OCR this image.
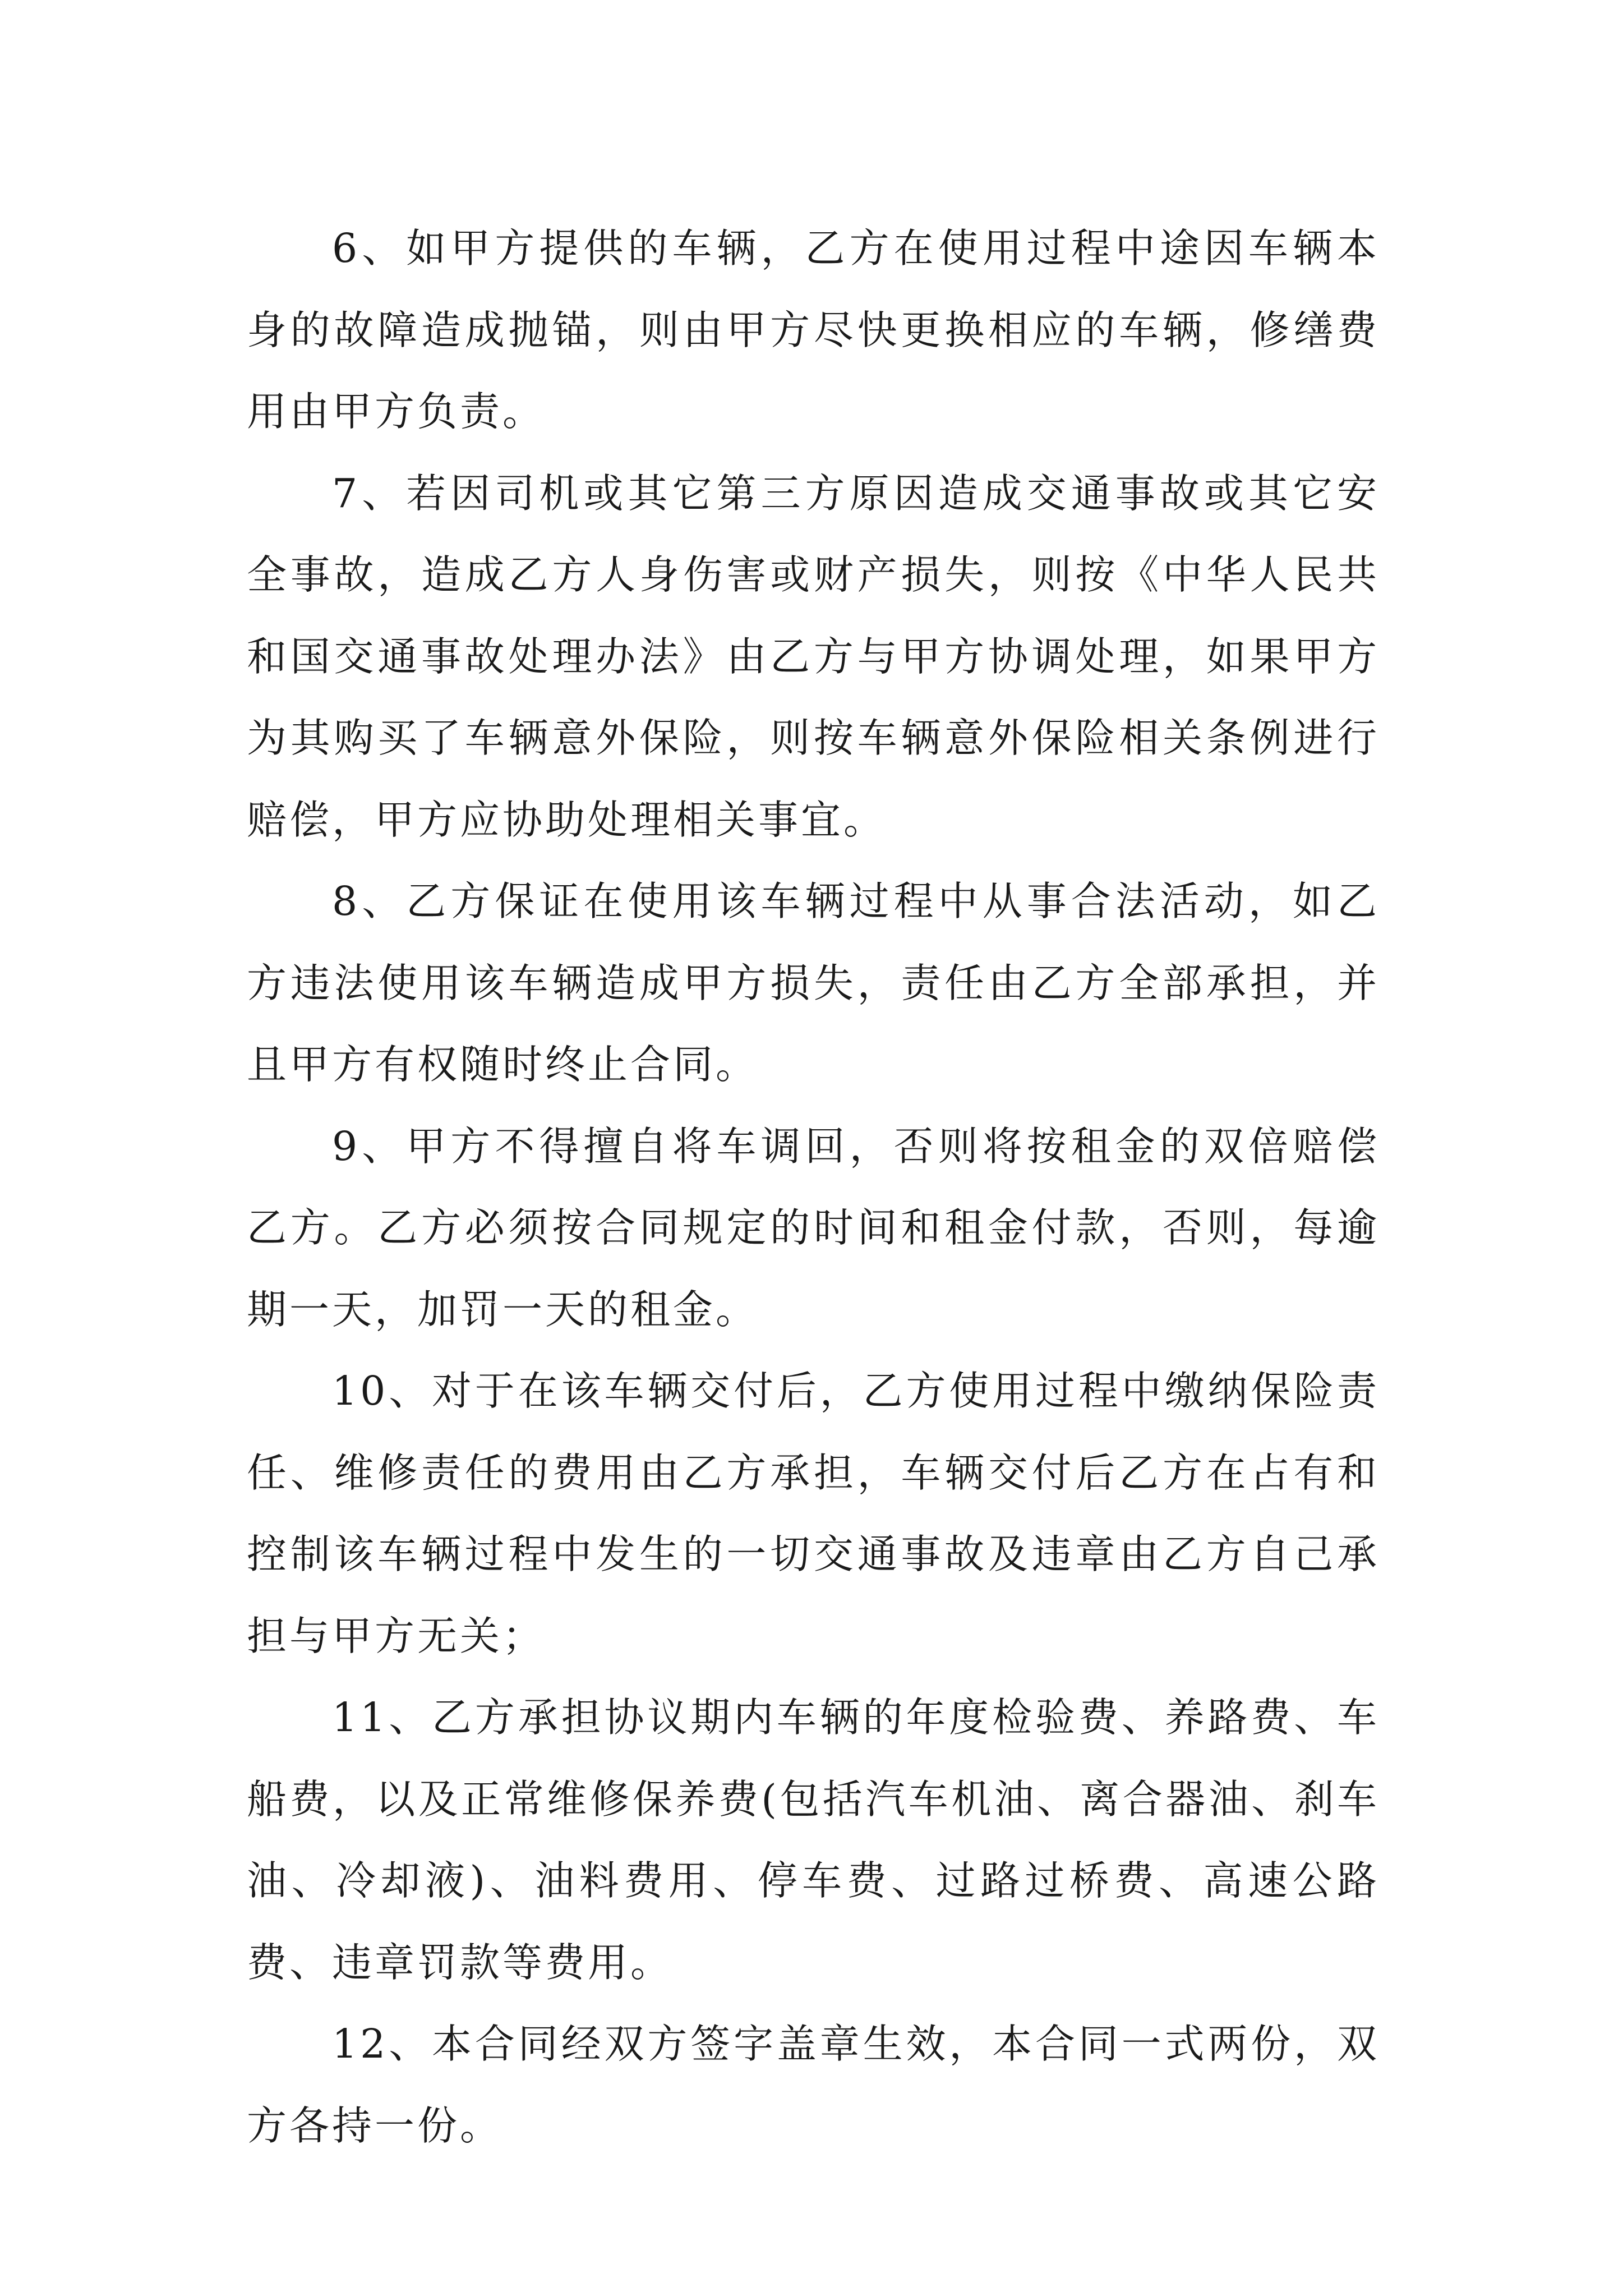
6、如甲方提供的车辆，乙方在使用过程中途因车辆本身的故障造成抛锚，则由甲方尽快更换相应的车辆，修缮费用由甲方负责。

7、若因司机或其它第三方原因造成交通事故或其它安全事故，造成乙方人身伤害或财产损失，则按《中华人民共和国交通事故处理办法》由乙方与甲方协调处理，如果甲方为其购买了车辆意外保险，则按车辆意外保险相关条例进行赔偿，甲方应协助处理相关事宜。

8、乙方保证在使用该车辆过程中从事合法活动，如乙方违法使用该车辆造成甲方损失，责任由乙方全部承担，并且甲方有权随时终止合同。

9、甲方不得擅自将车调回，否则将按租金的双倍赔偿乙方。乙方必须按合同规定的时间和租金付款，否则，每逾期一天，加罚一天的租金。

10、对于在该车辆交付后，乙方使用过程中缴纳保险责任、维修责任的费用由乙方承担，车辆交付后乙方在占有和控制该车辆过程中发生的一切交通事故及违章由乙方自己承担与甲方无关；

11、乙方承担协议期内车辆的年度检验费、养路费、车船费，以及正常维修保养费(包括汽车机油、离合器油、刹车油、冷却液)、油料费用、停车费、过路过桥费、高速公路费、违章罚款等费用。

12、本合同经双方签字盖章生效，本合同一式两份，双方各持一份。
